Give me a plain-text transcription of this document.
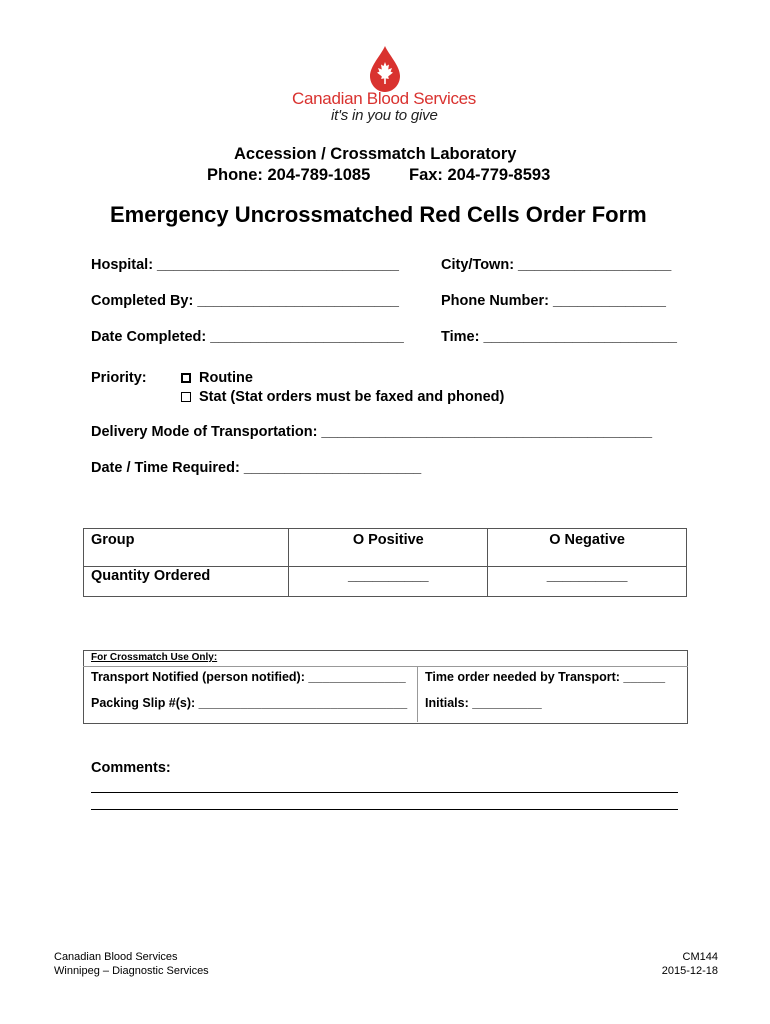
Canadian Blood Services
it's in you to give
Accession / Crossmatch Laboratory
Phone: 204-789-1085 Fax: 204-779-8593
Emergency Uncrossmatched Red Cells Order Form
Hospital: ______________________________	City/Town: ___________________
Completed By: _________________________	Phone Number: ______________
Date Completed: ________________________	Time: ________________________
Priority:	Routine
Stat (Stat orders must be faxed and phoned)
Delivery Mode of Transportation: _________________________________________
Date / Time Required: ______________________
Group	O Positive	O Negative
Quantity Ordered	__________	__________
For Crossmatch Use Only:
Transport Notified (person notified): ______________ Time order needed by Transport: ______
Packing Slip #(s): ______________________________ Initials: __________
Comments:
Canadian Blood Services
Winnipeg – Diagnostic Services
CM144
2015-12-18
